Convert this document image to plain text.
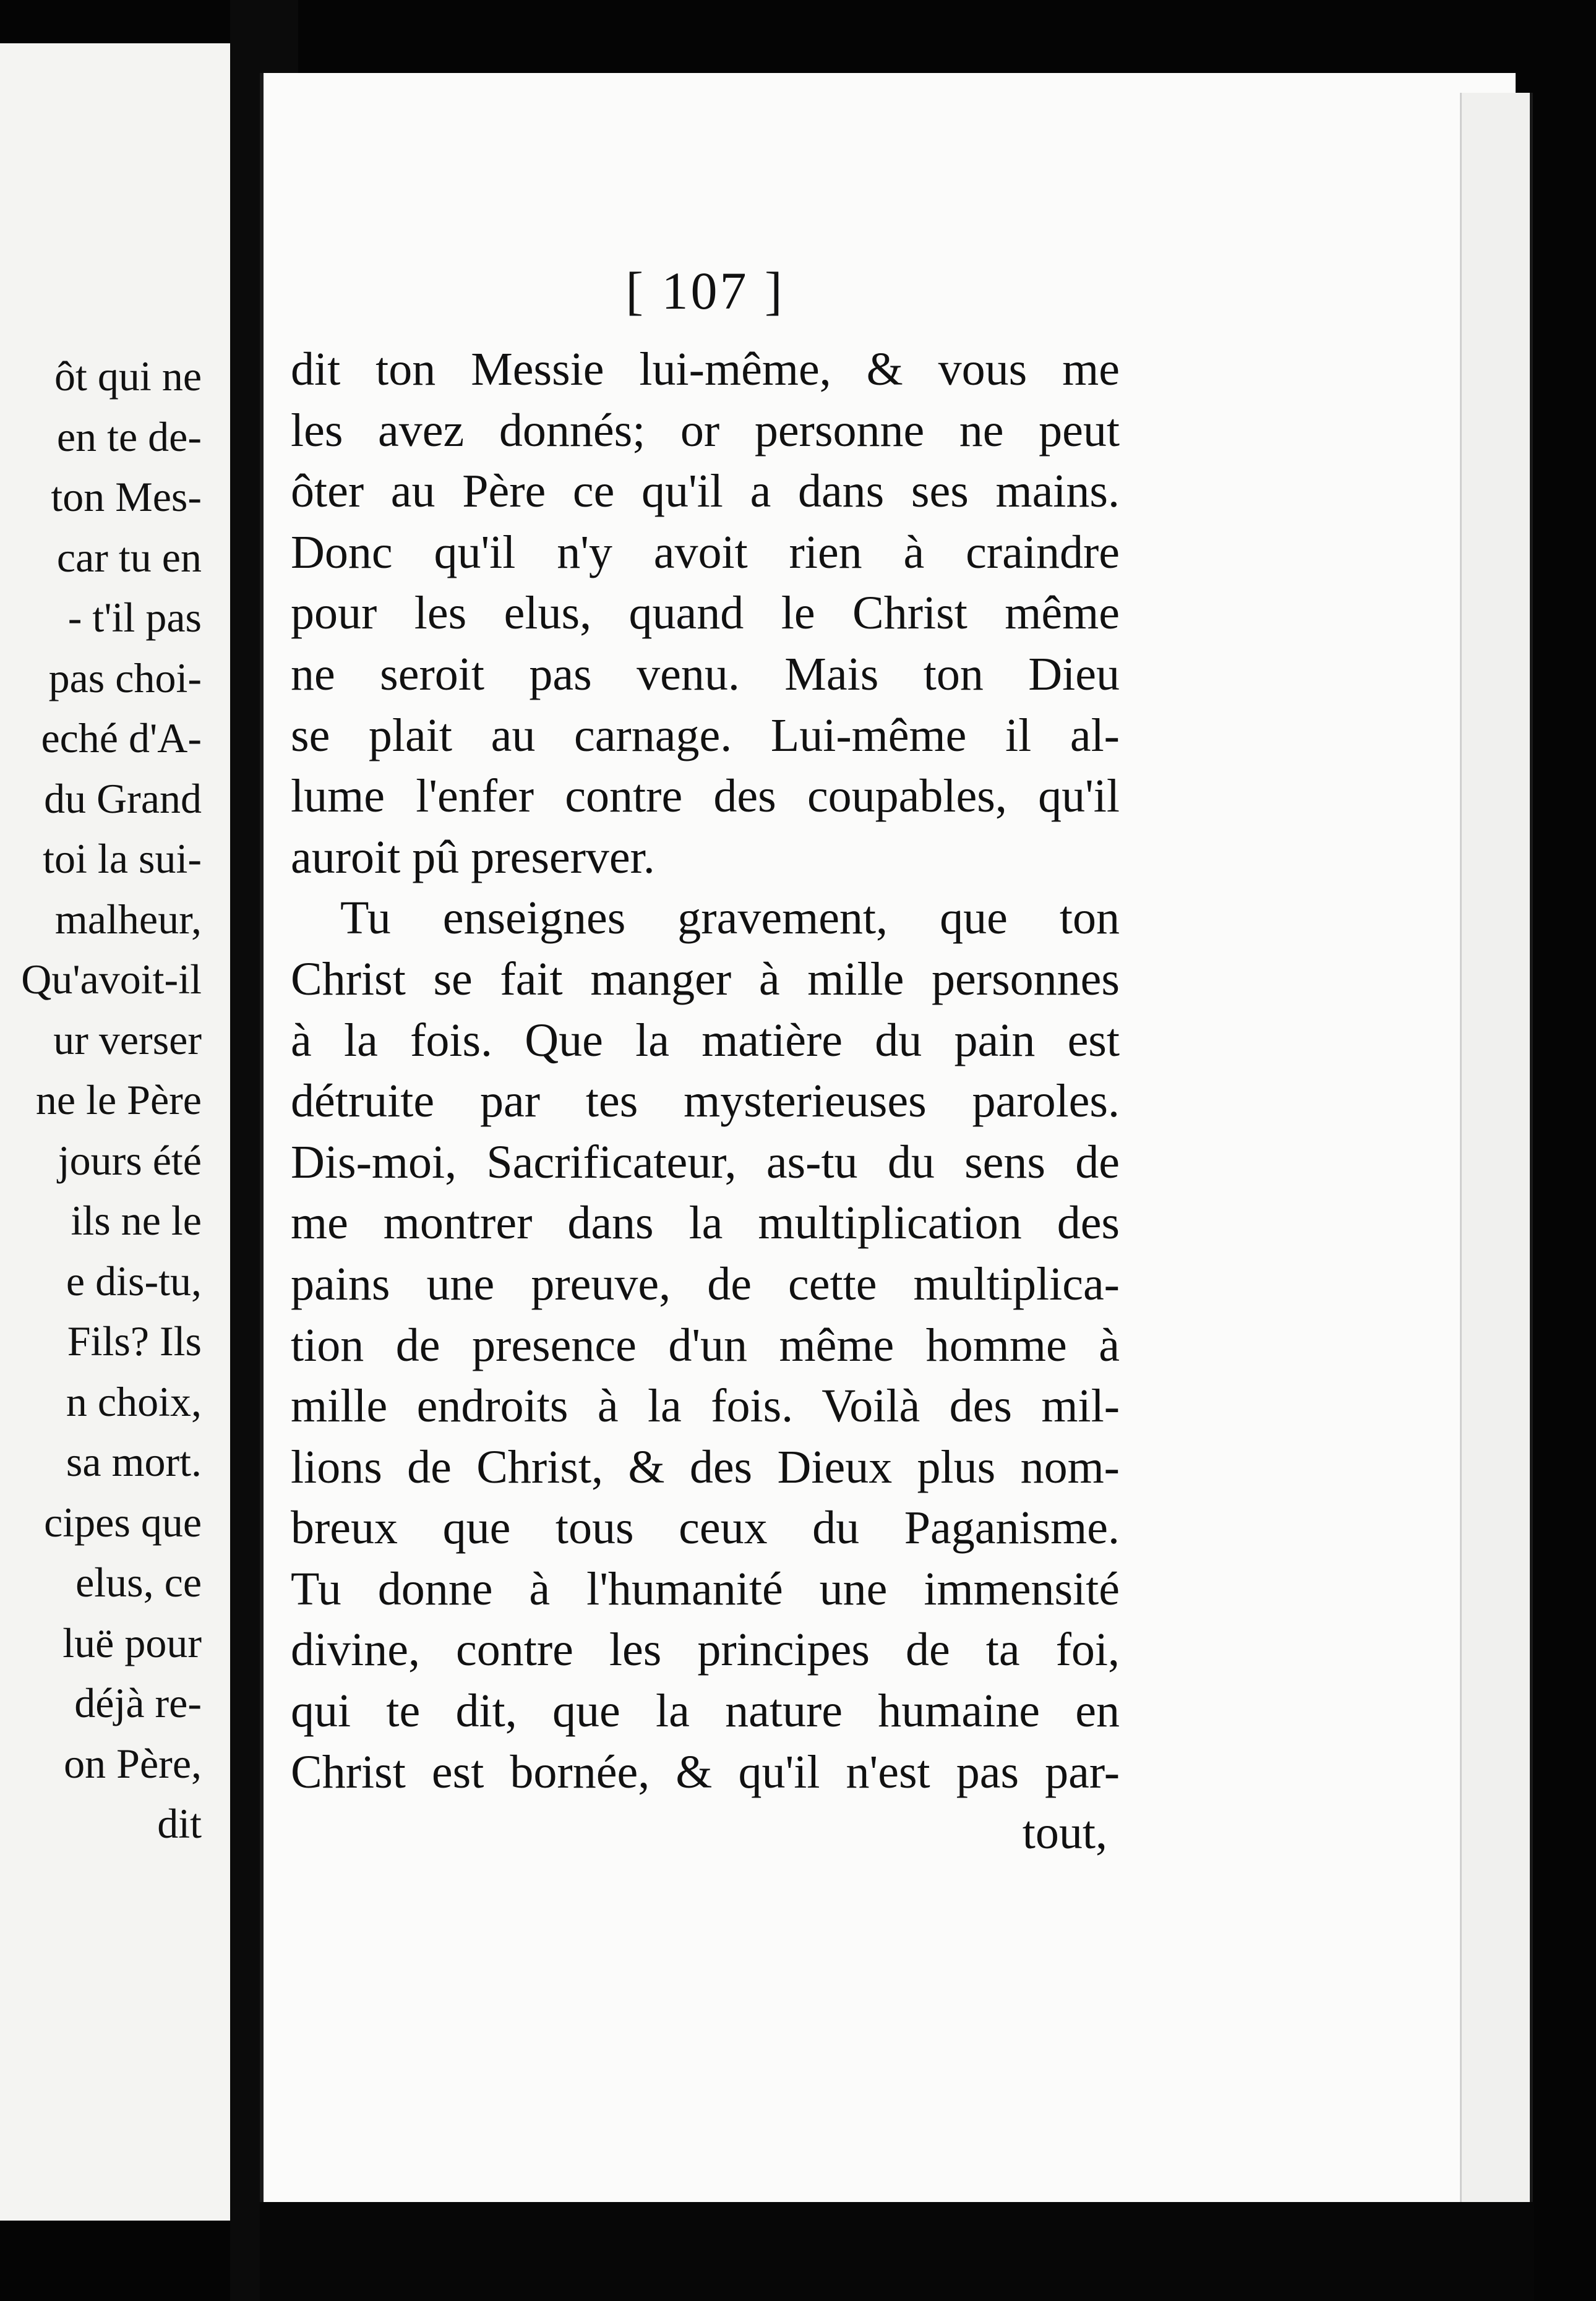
ôt qui ne
en te de-
ton Mes-
car tu en
- t'il pas
pas choi-
eché d'A-
du Grand
toi la sui-
malheur,
Qu'avoit-il
ur verser
ne le Père
jours été
ils ne le
e dis-tu,
Fils? Ils
n choix,
sa mort.
cipes que
elus, ce
luë pour
déjà re-
on Père,
dit
[ 107 ]
dit ton Messie lui-même, & vous me
les avez donnés; or personne ne peut
ôter au Père ce qu'il a dans ses mains.
Donc qu'il n'y avoit rien à craindre
pour les elus, quand le Christ même
ne seroit pas venu. Mais ton Dieu
se plait au carnage. Lui-même il al-
lume l'enfer contre des coupables, qu'il
auroit pû preserver.
Tu enseignes gravement, que ton
Christ se fait manger à mille personnes
à la fois. Que la matière du pain est
détruite par tes mysterieuses paroles.
Dis-moi, Sacrificateur, as-tu du sens de
me montrer dans la multiplication des
pains une preuve, de cette multiplica-
tion de presence d'un même homme à
mille endroits à la fois. Voilà des mil-
lions de Christ, & des Dieux plus nom-
breux que tous ceux du Paganisme.
Tu donne à l'humanité une immensité
divine, contre les principes de ta foi,
qui te dit, que la nature humaine en
Christ est bornée, & qu'il n'est pas par-
tout,
